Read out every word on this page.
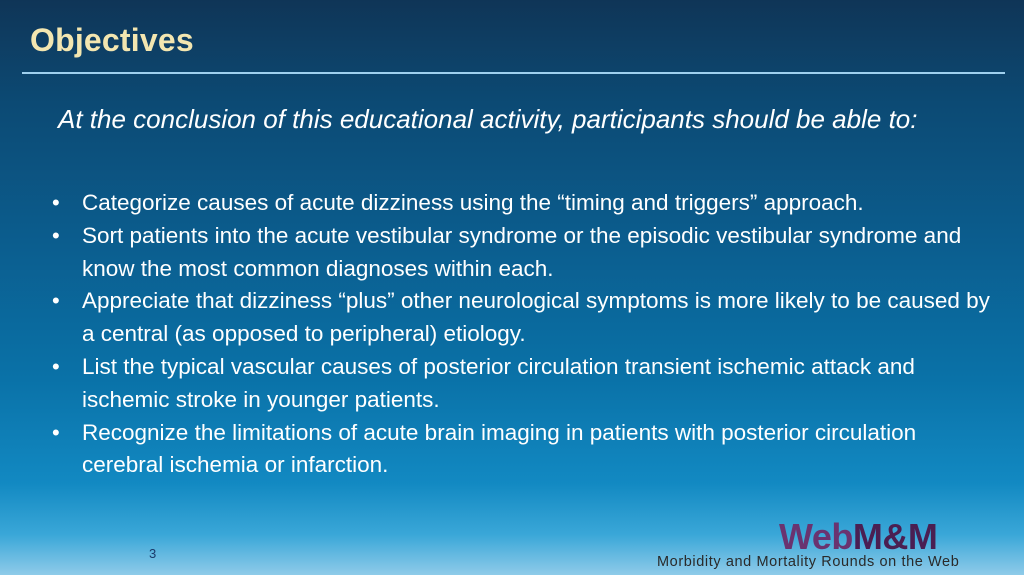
Objectives

At the conclusion of this educational activity, participants should be able to:

• Categorize causes of acute dizziness using the “timing and triggers” approach.
• Sort patients into the acute vestibular syndrome or the episodic vestibular syndrome and know the most common diagnoses within each.
• Appreciate that dizziness “plus” other neurological symptoms is more likely to be caused by a central (as opposed to peripheral) etiology.
• List the typical vascular causes of posterior circulation transient ischemic attack and ischemic stroke in younger patients.
• Recognize the limitations of acute brain imaging in patients with posterior circulation cerebral ischemia or infarction.
3	WebM&M
Morbidity and Mortality Rounds on the Web
